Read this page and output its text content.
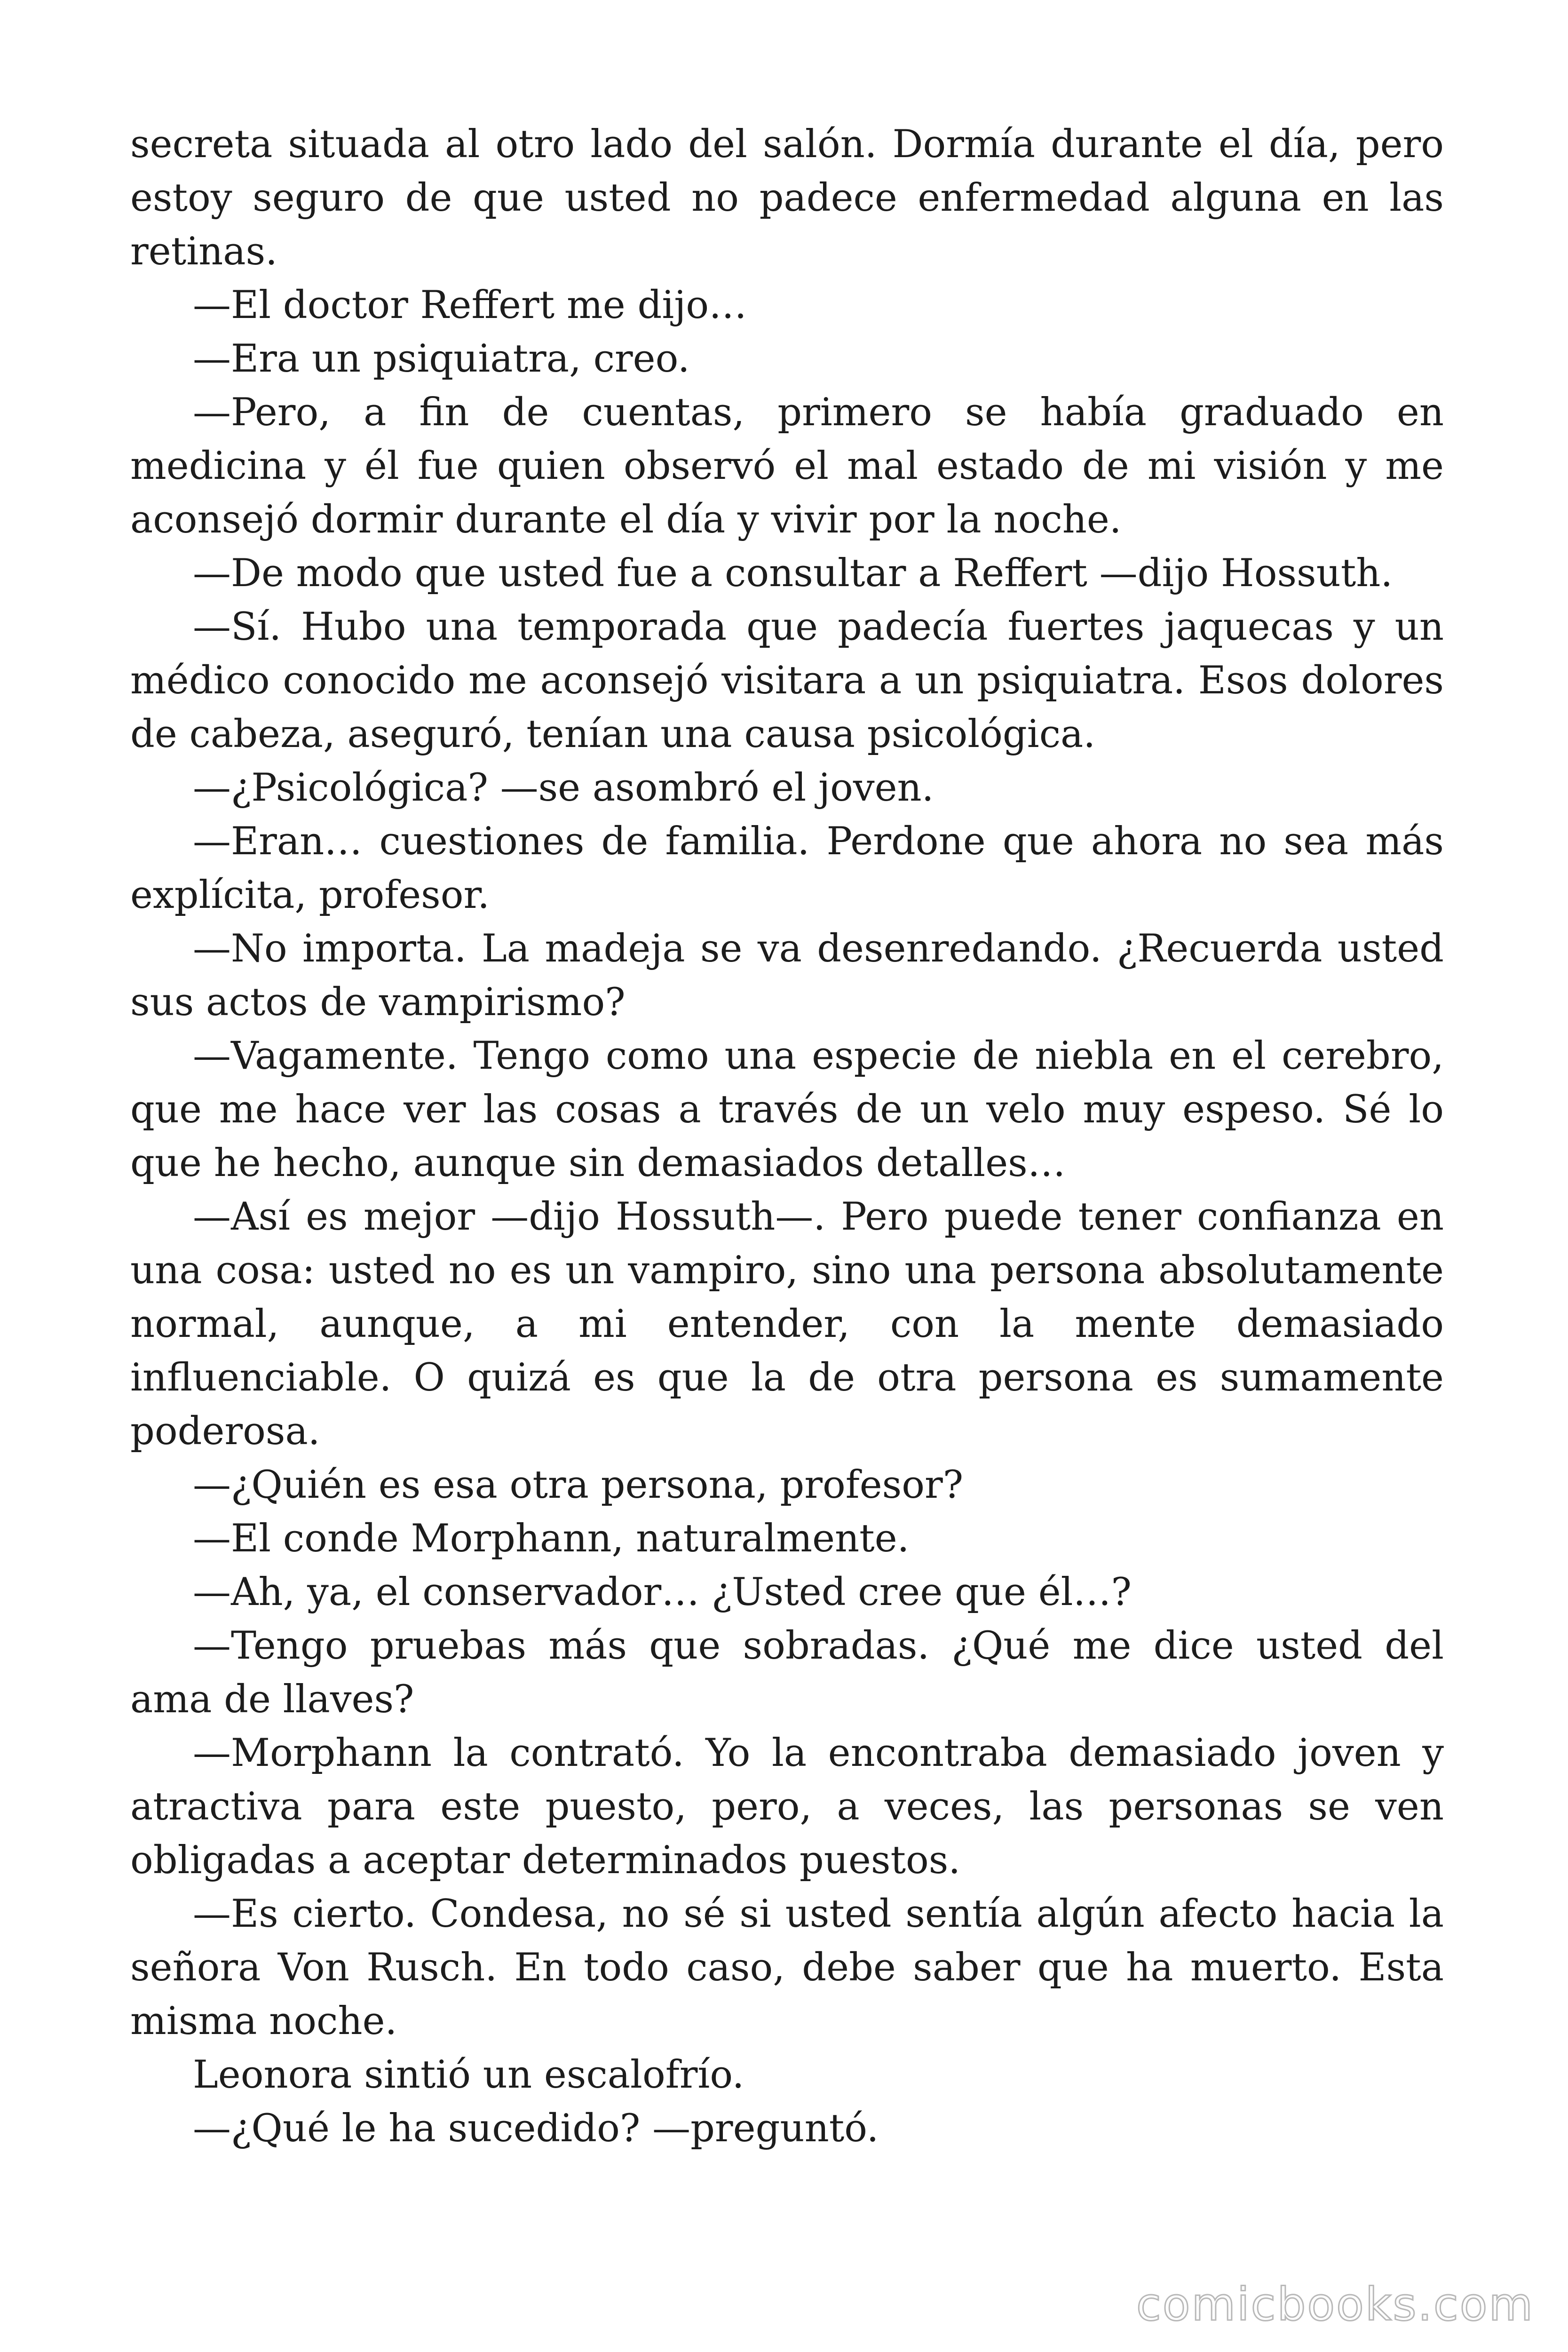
secreta situada al otro lado del salón. Dormía durante el día, pero estoy seguro de que usted no padece enfermedad alguna en las retinas.

—El doctor Reffert me dijo…

—Era un psiquiatra, creo.

—Pero, a fin de cuentas, primero se había graduado en medicina y él fue quien observó el mal estado de mi visión y me aconsejó dormir durante el día y vivir por la noche.

—De modo que usted fue a consultar a Reffert —dijo Hossuth.

—Sí. Hubo una temporada que padecía fuertes jaquecas y un médico conocido me aconsejó visitara a un psiquiatra. Esos dolores de cabeza, aseguró, tenían una causa psicológica.

—¿Psicológica? —se asombró el joven.

—Eran… cuestiones de familia. Perdone que ahora no sea más explícita, profesor.

—No importa. La madeja se va desenredando. ¿Recuerda usted sus actos de vampirismo?

—Vagamente. Tengo como una especie de niebla en el cerebro, que me hace ver las cosas a través de un velo muy espeso. Sé lo que he hecho, aunque sin demasiados detalles…

—Así es mejor —dijo Hossuth—. Pero puede tener confianza en una cosa: usted no es un vampiro, sino una persona absolutamente normal, aunque, a mi entender, con la mente demasiado influenciable. O quizá es que la de otra persona es sumamente poderosa.

—¿Quién es esa otra persona, profesor?

—El conde Morphann, naturalmente.

—Ah, ya, el conservador… ¿Usted cree que él…?

—Tengo pruebas más que sobradas. ¿Qué me dice usted del ama de llaves?

—Morphann la contrató. Yo la encontraba demasiado joven y atractiva para este puesto, pero, a veces, las personas se ven obligadas a aceptar determinados puestos.

—Es cierto. Condesa, no sé si usted sentía algún afecto hacia la señora Von Rusch. En todo caso, debe saber que ha muerto. Esta misma noche.

Leonora sintió un escalofrío.

—¿Qué le ha sucedido? —preguntó.

comicbooks.com
